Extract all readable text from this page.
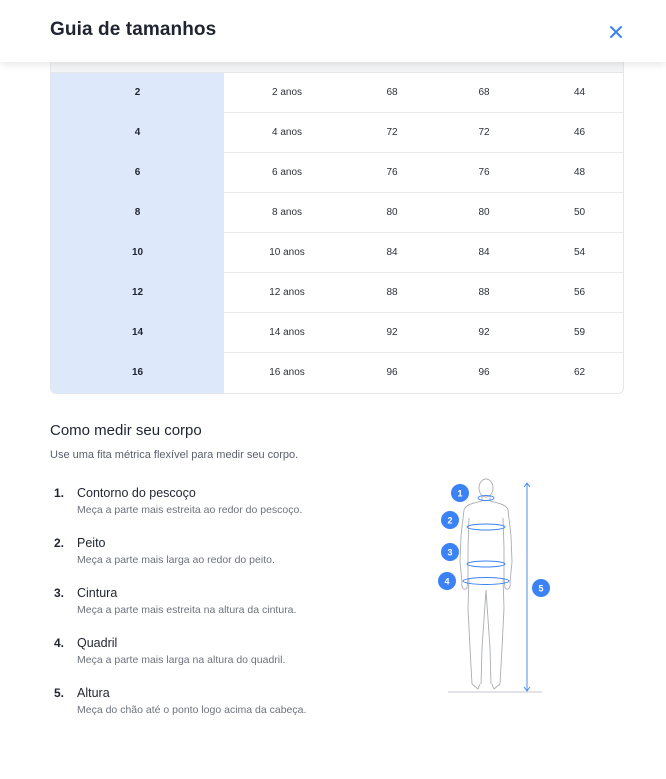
Guia de tamanhos
2	2 anos	68	68	44
4	4 anos	72	72	46
6	6 anos	76	76	48
8	8 anos	80	80	50
10	10 anos	84	84	54
12	12 anos	88	88	56
14	14 anos	92	92	59
16	16 anos	96	96	62
Como medir seu corpo
Use uma fita métrica flexível para medir seu corpo.
1. Contorno do pescoço
Meça a parte mais estreita ao redor do pescoço.
2. Peito
Meça a parte mais larga ao redor do peito.
3. Cintura
Meça a parte mais estreita na altura da cintura.
4. Quadril
Meça a parte mais larga na altura do quadril.
5. Altura
Meça do chão até o ponto logo acima da cabeça.
1
2
3
4
5
